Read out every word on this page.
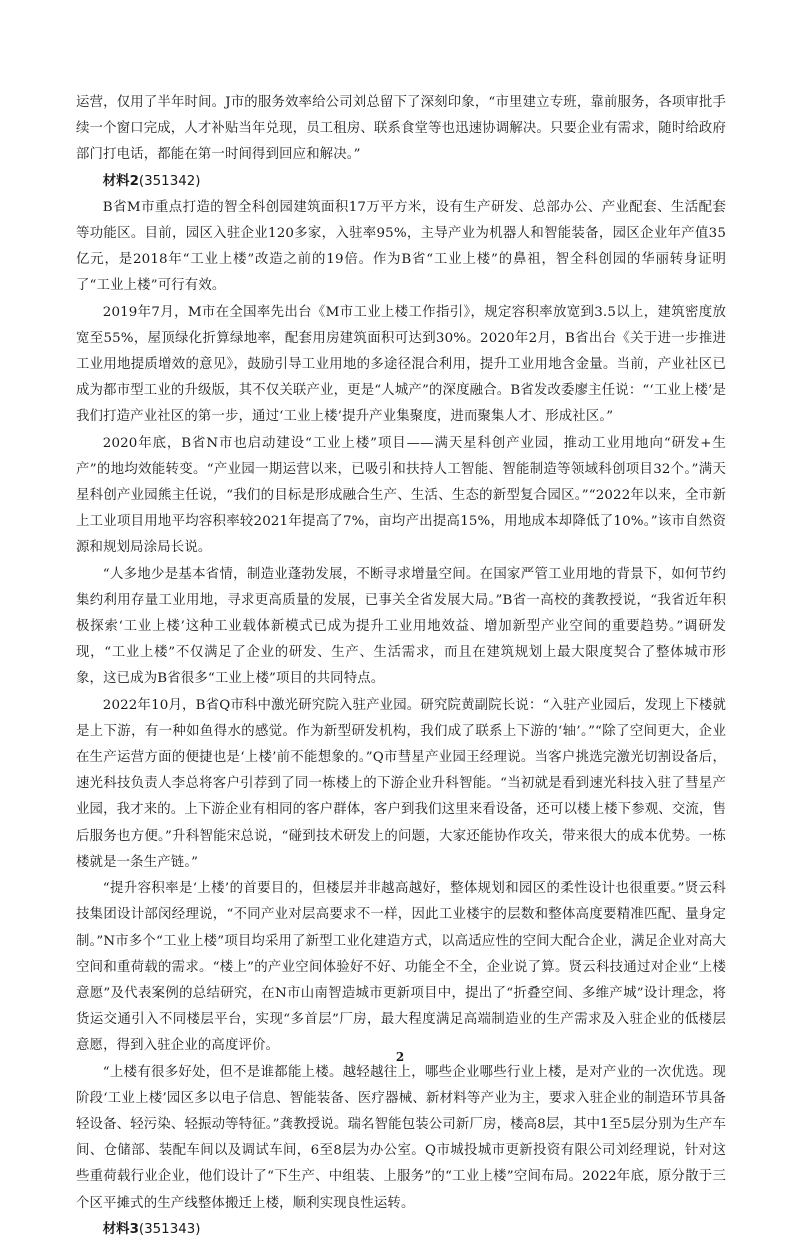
运营，仅用了半年时间。J市的服务效率给公司刘总留下了深刻印象，“市里建立专班，靠前服务，各项审批手续一个窗口完成，人才补贴当年兑现，员工租房、联系食堂等也迅速协调解决。只要企业有需求，随时给政府部门打电话，都能在第一时间得到回应和解决。”

材料2(351342)

B省M市重点打造的智全科创园建筑面积17万平方米，设有生产研发、总部办公、产业配套、生活配套等功能区。目前，园区入驻企业120多家，入驻率95%，主导产业为机器人和智能装备，园区企业年产值35亿元，是2018年“工业上楼”改造之前的19倍。作为B省“工业上楼”的鼻祖，智全科创园的华丽转身证明了“工业上楼”可行有效。

2019年7月，M市在全国率先出台《M市工业上楼工作指引》，规定容积率放宽到3.5以上，建筑密度放宽至55%，屋顶绿化折算绿地率，配套用房建筑面积可达到30%。2020年2月，B省出台《关于进一步推进工业用地提质增效的意见》，鼓励引导工业用地的多途径混合利用，提升工业用地含金量。当前，产业社区已成为都市型工业的升级版，其不仅关联产业，更是“人城产”的深度融合。B省发改委廖主任说：“‘工业上楼’是我们打造产业社区的第一步，通过‘工业上楼’提升产业集聚度，进而聚集人才、形成社区。”

2020年底，B省N市也启动建设“工业上楼”项目——满天星科创产业园，推动工业用地向“研发+生产”的地均效能转变。“产业园一期运营以来，已吸引和扶持人工智能、智能制造等领域科创项目32个。”满天星科创产业园熊主任说，“我们的目标是形成融合生产、生活、生态的新型复合园区。”“2022年以来，全市新上工业项目用地平均容积率较2021年提高了7%，亩均产出提高15%，用地成本却降低了10%。”该市自然资源和规划局涂局长说。

“人多地少是基本省情，制造业蓬勃发展，不断寻求增量空间。在国家严管工业用地的背景下，如何节约集约利用存量工业用地，寻求更高质量的发展，已事关全省发展大局。”B省一高校的龚教授说，“我省近年积极探索‘工业上楼’这种工业载体新模式已成为提升工业用地效益、增加新型产业空间的重要趋势。”调研发现，“工业上楼”不仅满足了企业的研发、生产、生活需求，而且在建筑规划上最大限度契合了整体城市形象，这已成为B省很多“工业上楼”项目的共同特点。

2022年10月，B省Q市科中激光研究院入驻产业园。研究院黄副院长说：“入驻产业园后，发现上下楼就是上下游，有一种如鱼得水的感觉。作为新型研发机构，我们成了联系上下游的‘轴’。”“除了空间更大，企业在生产运营方面的便捷也是‘上楼’前不能想象的。”Q市彗星产业园王经理说。当客户挑选完激光切割设备后，速光科技负责人李总将客户引荐到了同一栋楼上的下游企业升科智能。“当初就是看到速光科技入驻了彗星产业园，我才来的。上下游企业有相同的客户群体，客户到我们这里来看设备，还可以楼上楼下参观、交流，售后服务也方便。”升科智能宋总说，“碰到技术研发上的问题，大家还能协作攻关，带来很大的成本优势。一栋楼就是一条生产链。”

“提升容积率是‘上楼’的首要目的，但楼层并非越高越好，整体规划和园区的柔性设计也很重要。”贤云科技集团设计部闵经理说，“不同产业对层高要求不一样，因此工业楼宇的层数和整体高度要精准匹配、量身定制。”N市多个“工业上楼”项目均采用了新型工业化建造方式，以高适应性的空间大配合企业，满足企业对高大空间和重荷载的需求。“楼上”的产业空间体验好不好、功能全不全，企业说了算。贤云科技通过对企业“上楼意愿”及代表案例的总结研究，在N市山南智造城市更新项目中，提出了“折叠空间、多维产城”设计理念，将货运交通引入不同楼层平台，实现“多首层”厂房，最大程度满足高端制造业的生产需求及入驻企业的低楼层意愿，得到入驻企业的高度评价。

“上楼有很多好处，但不是谁都能上楼。越轻越往上，哪些企业哪些行业上楼，是对产业的一次优选。现阶段‘工业上楼’园区多以电子信息、智能装备、医疗器械、新材料等产业为主，要求入驻企业的制造环节具备轻设备、轻污染、轻振动等特征。”龚教授说。瑞名智能包装公司新厂房，楼高8层，其中1至5层分别为生产车间、仓储部、装配车间以及调试车间，6至8层为办公室。Q市城投城市更新投资有限公司刘经理说，针对这些重荷载行业企业，他们设计了“下生产、中组装、上服务”的“工业上楼”空间布局。2022年底，原分散于三个区平摊式的生产线整体搬迁上楼，顺利实现良性运转。

材料3(351343)
2
